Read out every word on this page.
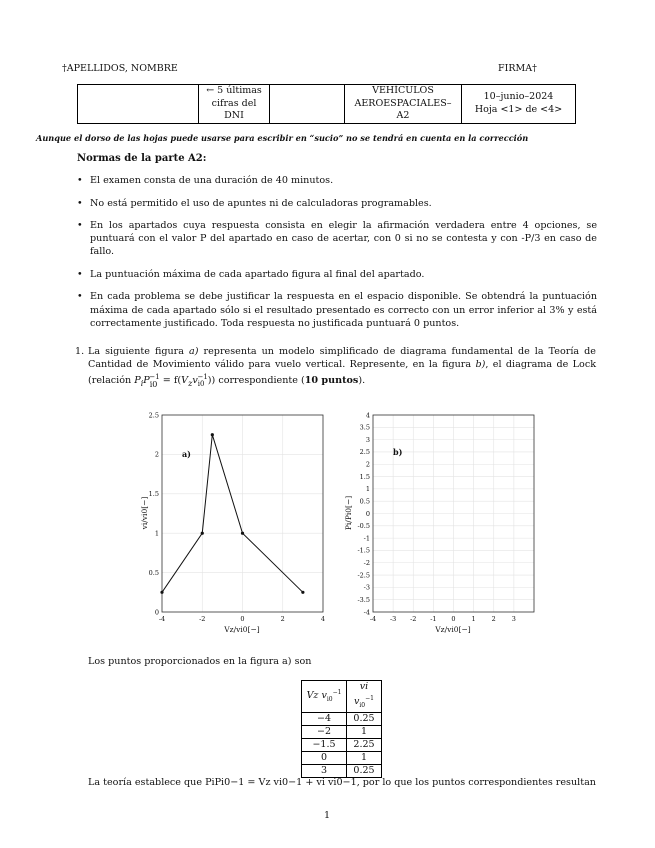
†APELLIDOS, NOMBRE	FIRMA†

← 5 últimas
cifras del
DNI

VEHÍCULOS
AEROESPACIALES–
A2

10–junio–2024
Hoja <1> de <4>
Aunque el dorso de las hojas puede usarse para escribir en “sucio” no se tendrá en cuenta en la corrección
Normas de la parte A2:
• El examen consta de una duración de 40 minutos.
• No está permitido el uso de apuntes ni de calculadoras programables.
• En los apartados cuya respuesta consista en elegir la afirmación verdadera entre 4 opciones, se puntuará con el valor P del apartado en caso de acertar, con 0 si no se contesta y con -P/3 en caso de fallo.
• La puntuación máxima de cada apartado figura al final del apartado.
• En cada problema se debe justificar la respuesta en el espacio disponible. Se obtendrá la puntuación máxima de cada apartado sólo si el resultado presentado es correcto con un error inferior al 3% y está correctamente justificado. Toda respuesta no justificada puntuará 0 puntos.
1. La siguiente figura a) representa un modelo simplificado de diagrama fundamental de la Teoría de Cantidad de Movimiento válido para vuelo vertical. Represente, en la figura b), el diagrama de Lock (relación $P_iP_{i0}^{-1} = f(V_zv_{i0}^{-1})$) correspondiente (10 puntos).
-4	-2	0	2	4
0
0.5
1
1.5
2
2.5
a)
Vz/vi0[−]
vi/vi0[−]
-4 -3 -2 -1 0 1 2 3
4
3.5
3
2.5
2
1.5
1
0.5
0
-0.5
-1
-1.5
-2
-2.5
-3
-3.5
-4
b)
Vz/vi0[−]
Pi/Pi0[−]
Los puntos proporcionados en la figura a) son
Vz $v_{i0}^{-1}$	vi $v_{i0}^{-1}$
−4	0.25
−2	1
−1.5	2.25
0	1
3	0.25
La teoría establece que PiPi0−1 = Vz vi0−1 + vi vi0−1, por lo que los puntos correspondientes resultan
1
